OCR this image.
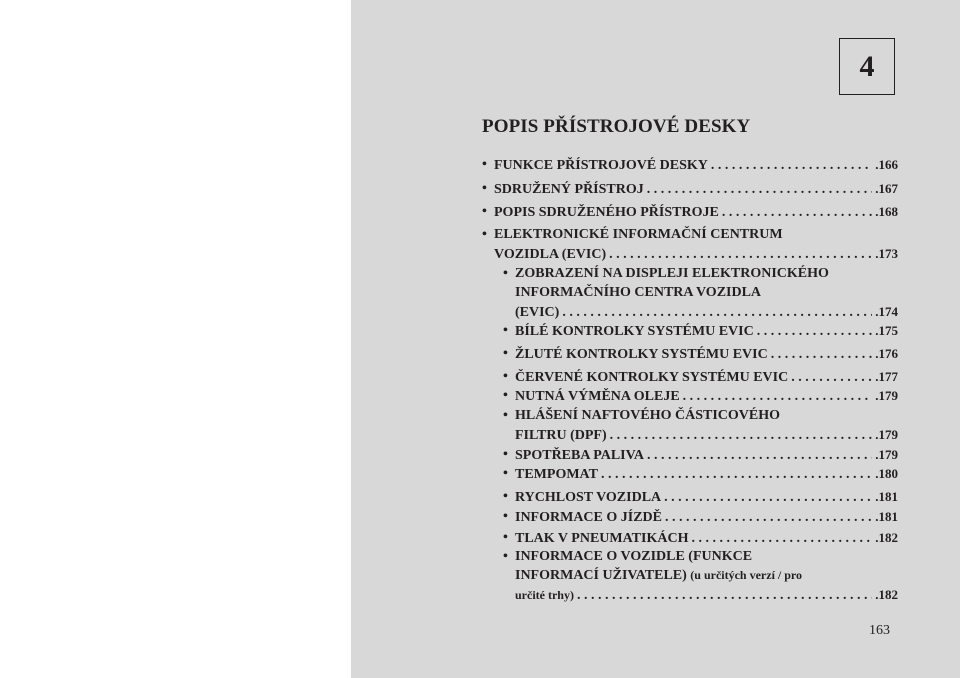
4
POPIS PŘÍSTROJOVÉ DESKY
• FUNKCE PŘÍSTROJOVÉ DESKY . . .	.166
• SDRUŽENÝ PŘÍSTROJ . . .	.167
• POPIS SDRUŽENÉHO PŘÍSTROJE . . .	.168
• ELEKTRONICKÉ INFORMAČNÍ CENTRUM
VOZIDLA (EVIC) . . .	.173
• ZOBRAZENÍ NA DISPLEJI ELEKTRONICKÉHO
INFORMAČNÍHO CENTRA VOZIDLA
(EVIC) . . .	.174
• BÍLÉ KONTROLKY SYSTÉMU EVIC . . .	.175
• ŽLUTÉ KONTROLKY SYSTÉMU EVIC . . .	.176
• ČERVENÉ KONTROLKY SYSTÉMU EVIC . . .	.177
• NUTNÁ VÝMĚNA OLEJE . . .	.179
• HLÁŠENÍ NAFTOVÉHO ČÁSTICOVÉHO
FILTRU (DPF) . . .	.179
• SPOTŘEBA PALIVA . . .	.179
• TEMPOMAT . . .	.180
• RYCHLOST VOZIDLA . . .	.181
• INFORMACE O JÍZDĚ . . .	.181
• TLAK V PNEUMATIKÁCH . . .	.182
• INFORMACE O VOZIDLE (FUNKCE
INFORMACÍ UŽIVATELE) (u určitých verzí / pro
určité trhy) . . .	.182
163
